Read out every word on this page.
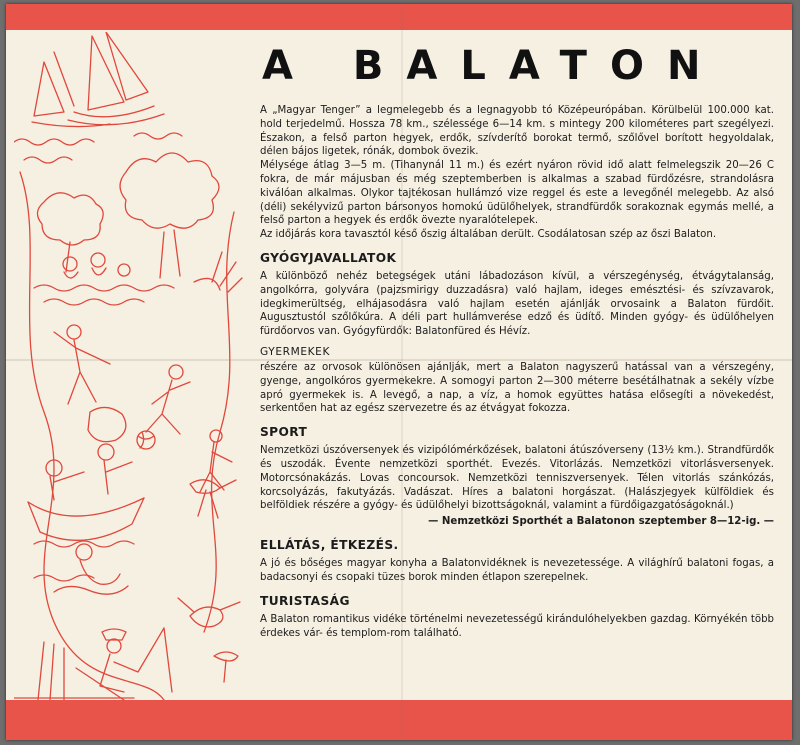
A BALATON

A „Magyar Tenger” a legmelegebb és a legnagyobb tó Középeurópában. Körülbelül 100.000 kat. hold terjedelmű. Hossza 78 km., szélessége 6—14 km. s mintegy 200 kilométeres part szegélyezi. Északon, a felső parton hegyek, erdők, szívderítő borokat termő, szőlővel borított hegyoldalak, délen bájos ligetek, rónák, dombok övezik.

Mélysége átlag 3—5 m. (Tihanynál 11 m.) és ezért nyáron rövid idő alatt felmelegszik 20—26 C fokra, de már májusban és még szeptemberben is alkalmas a szabad fürdőzésre, strandolásra kiválóan alkalmas. Olykor tajtékosan hullámzó vize reggel és este a levegőnél melegebb. Az alsó (déli) sekélyvizű parton bársonyos homokú üdülőhelyek, strandfürdők sorakoznak egymás mellé, a felső parton a hegyek és erdők övezte nyaralótelepek.

Az időjárás kora tavasztól késő őszig általában derült. Csodálatosan szép az őszi Balaton.

GYÓGYJAVALLATOK

A különböző nehéz betegségek utáni lábadozáson kívül, a vérszegénység, étvágytalanság, angolkórra, golyvára (pajzsmirigy duzzadásra) való hajlam, ideges emésztési- és szívzavarok, idegkimerültség, elhájasodásra való hajlam esetén ajánlják orvosaink a Balaton fürdőit. Augusztustól szőlőkúra. A déli part hullámverése edző és üdítő. Minden gyógy- és üdülőhelyen fürdőorvos van. Gyógyfürdők: Balatonfüred és Hévíz.

GYERMEKEK

részére az orvosok különösen ajánlják, mert a Balaton nagyszerű hatással van a vérszegény, gyenge, angolkóros gyermekekre. A somogyi parton 2—300 méterre besétálhatnak a sekély vízbe apró gyermekek is. A levegő, a nap, a víz, a homok együttes hatása elősegíti a növekedést, serkentően hat az egész szervezetre és az étvágyat fokozza.

SPORT

Nemzetközi úszóversenyek és vizipólómérkőzések, balatoni átúszóverseny (13½ km.). Strandfürdők és uszodák. Évente nemzetközi sporthét. Evezés. Vitorlázás. Nemzetközi vitorlásversenyek. Motorcsónakázás. Lovas concoursok. Nemzetközi tenniszversenyek. Télen vitorlás szánkózás, korcsolyázás, fakutyázás. Vadászat. Híres a balatoni horgászat. (Halászjegyek külföldiek és belföldiek részére a gyógy- és üdülőhelyi bizottságoknál, valamint a fürdőigazgatóságoknál.)

— Nemzetközi Sporthét a Balatonon szeptember 8—12-ig. —
ELLÁTÁS, ÉTKEZÉS.

A jó és bőséges magyar konyha a Balatonvidéknek is nevezetessége. A világhírű balatoni fogas, a badacsonyi és csopaki tüzes borok minden étlapon szerepelnek.

TURISTASÁG

A Balaton romantikus vidéke történelmi nevezetességű kirándulóhelyekben gazdag. Környékén több érdekes vár- és templom-rom található.
